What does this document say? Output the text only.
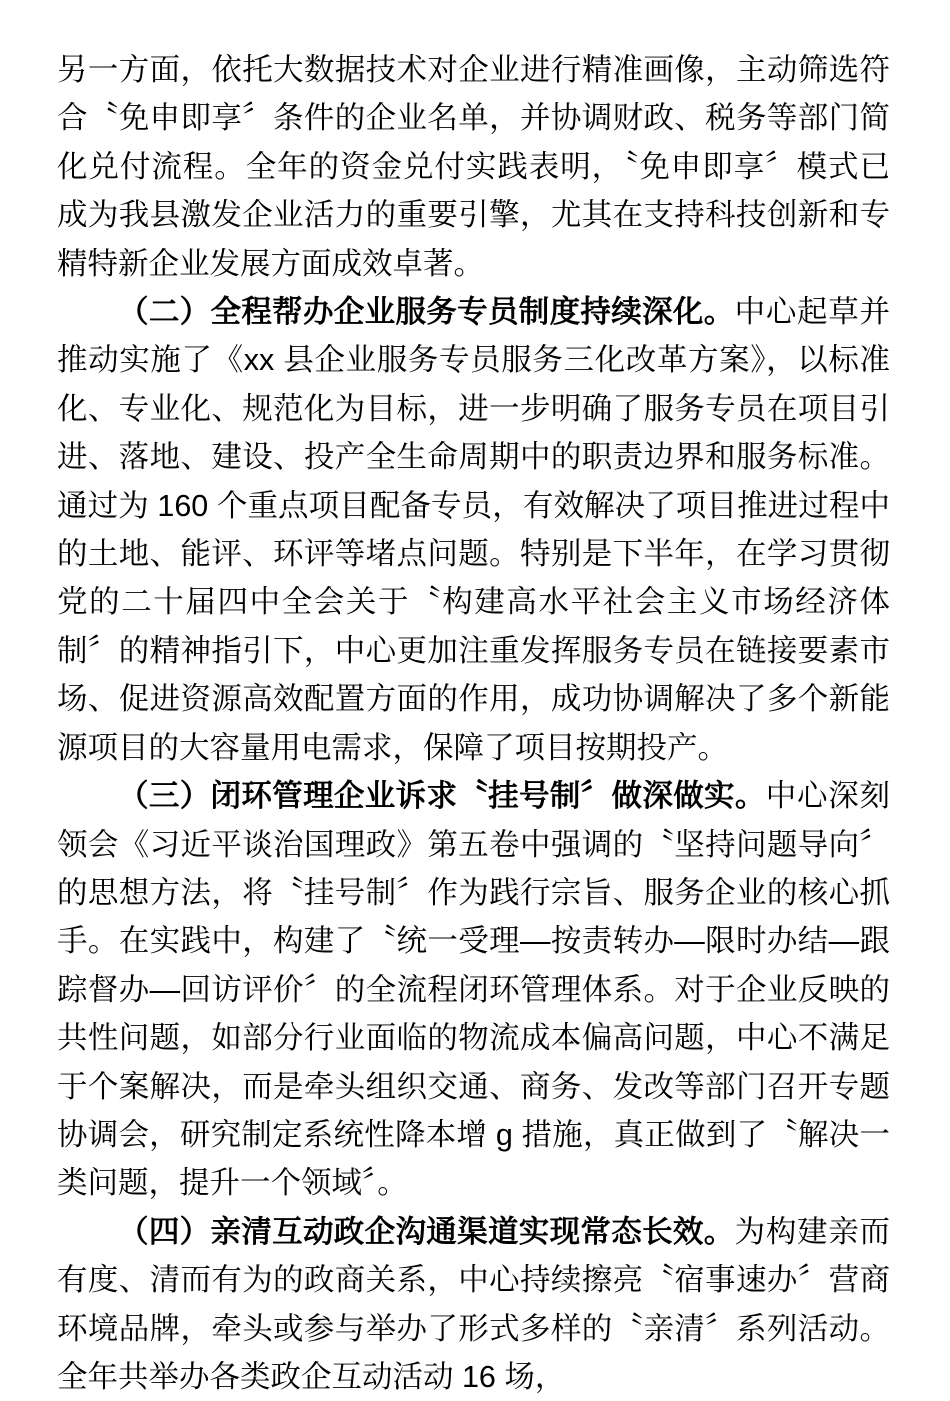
另一方面，依托大数据技术对企业进行精准画像，主动筛选符合〝免申即享〞条件的企业名单，并协调财政、税务等部门简化兑付流程。全年的资金兑付实践表明，〝免申即享〞模式已成为我县激发企业活力的重要引擎，尤其在支持科技创新和专精特新企业发展方面成效卓著。

（二）全程帮办企业服务专员制度持续深化。中心起草并推动实施了《xx 县企业服务专员服务三化改革方案》，以标准化、专业化、规范化为目标，进一步明确了服务专员在项目引进、落地、建设、投产全生命周期中的职责边界和服务标准。通过为 160 个重点项目配备专员，有效解决了项目推进过程中的土地、能评、环评等堵点问题。特别是下半年，在学习贯彻党的二十届四中全会关于〝构建高水平社会主义市场经济体制〞的精神指引下，中心更加注重发挥服务专员在链接要素市场、促进资源高效配置方面的作用，成功协调解决了多个新能源项目的大容量用电需求，保障了项目按期投产。

（三）闭环管理企业诉求〝挂号制〞做深做实。中心深刻领会《习近平谈治国理政》第五卷中强调的〝坚持问题导向〞的思想方法，将〝挂号制〞作为践行宗旨、服务企业的核心抓手。在实践中，构建了〝统一受理—按责转办—限时办结—跟踪督办—回访评价〞的全流程闭环管理体系。对于企业反映的共性问题，如部分行业面临的物流成本偏高问题，中心不满足于个案解决，而是牵头组织交通、商务、发改等部门召开专题协调会，研究制定系统性降本增 g 措施，真正做到了〝解决一类问题，提升一个领域〞。

（四）亲清互动政企沟通渠道实现常态长效。为构建亲而有度、清而有为的政商关系，中心持续擦亮〝宿事速办〞营商环境品牌，牵头或参与举办了形式多样的〝亲清〞系列活动。全年共举办各类政企互动活动 16 场，
